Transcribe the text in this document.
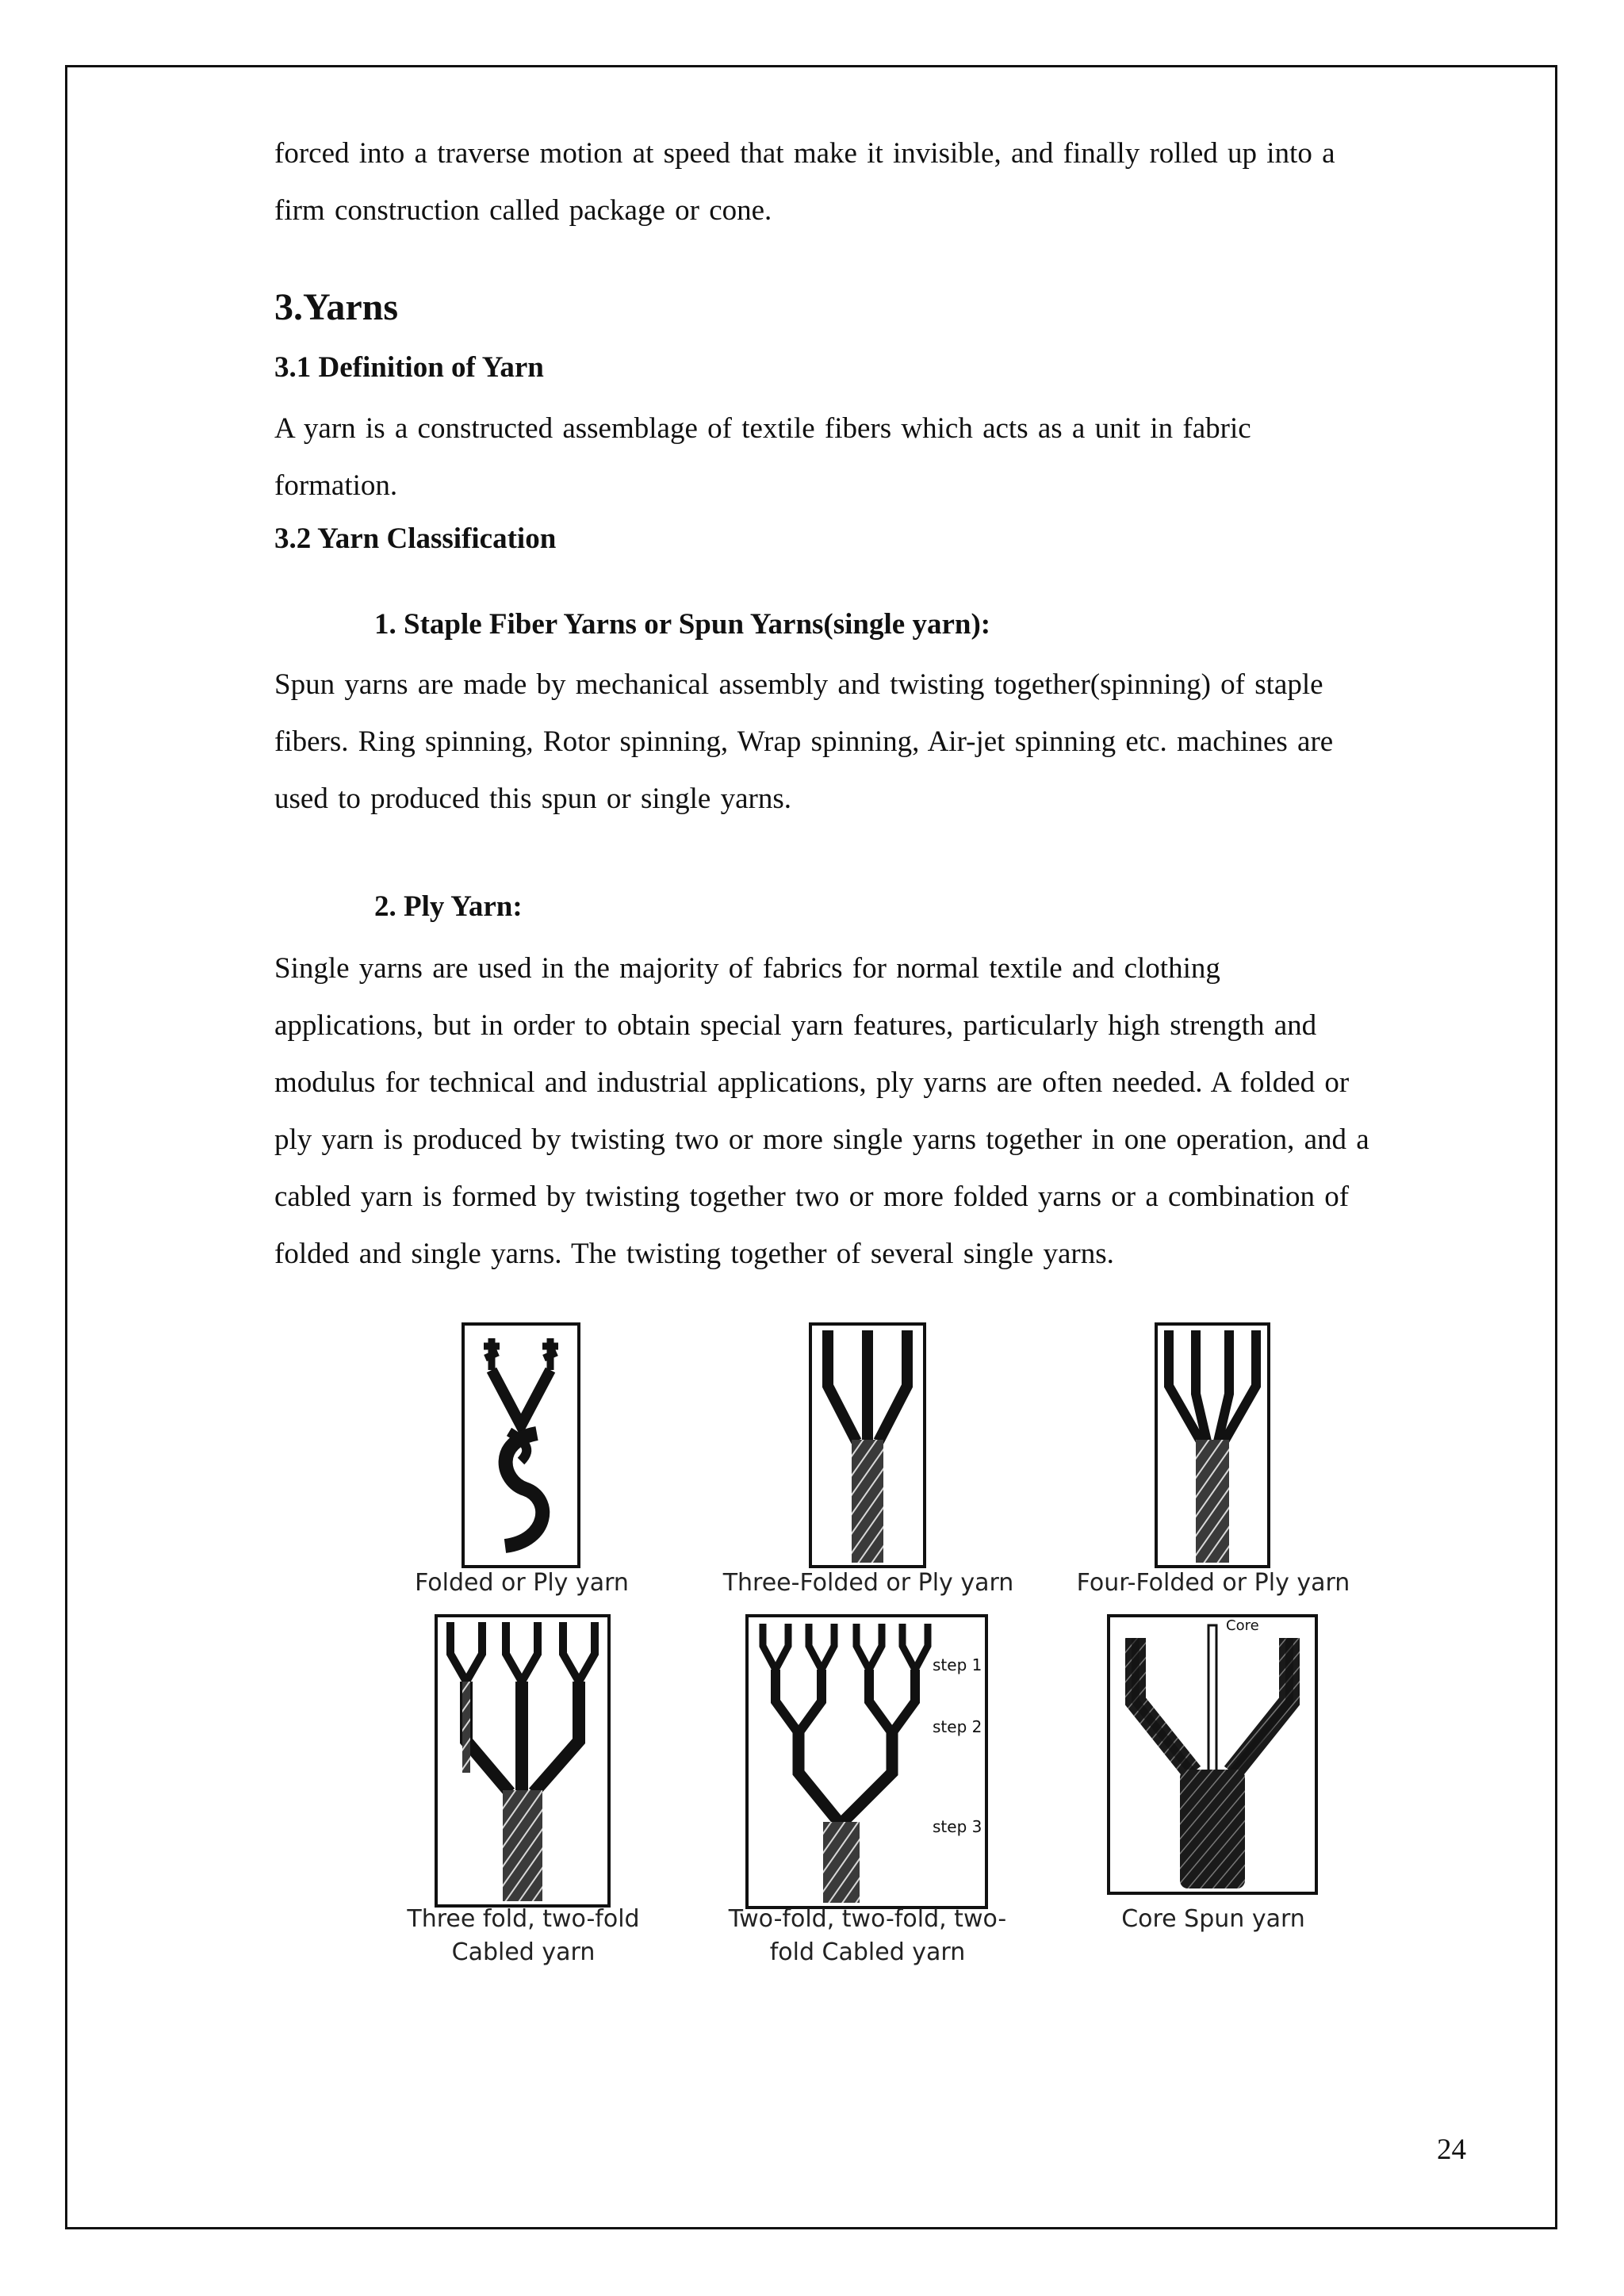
forced into a traverse motion at speed that make it invisible, and finally rolled up into a
firm construction called package or cone.
3.Yarns
3.1 Definition of Yarn
A yarn is a constructed assemblage of textile fibers which acts as a unit in fabric
formation.
3.2 Yarn Classification
1. Staple Fiber Yarns or Spun Yarns(single yarn):
Spun yarns are made by mechanical assembly and twisting together(spinning) of staple
fibers. Ring spinning, Rotor spinning, Wrap spinning, Air-jet spinning etc. machines are
used to produced this spun or single yarns.
2. Ply Yarn:
Single yarns are used in the majority of fabrics for normal textile and clothing
applications, but in order to obtain special yarn features, particularly high strength and
modulus for technical and industrial applications, ply yarns are often needed. A folded or
ply yarn is produced by twisting two or more single yarns together in one operation, and a
cabled yarn is formed by twisting together two or more folded yarns or a combination of
folded and single yarns. The twisting together of several single yarns.
Folded or Ply yarn	Three-Folded or Ply yarn	Four-Folded or Ply yarn
Three fold, two-fold
Cabled yarn
step 1
step 2
step 3
Two-fold, two-fold, two-
fold Cabled yarn
Core
Core Spun yarn
24
